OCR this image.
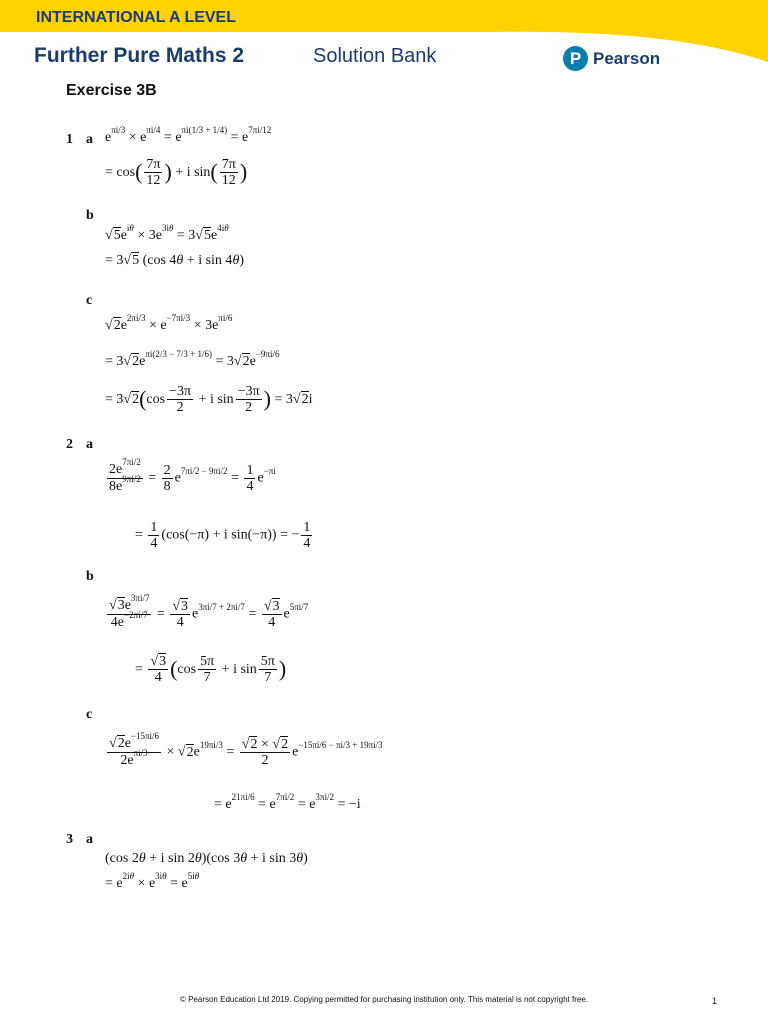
INTERNATIONAL A LEVEL
Further Pure Maths 2	Solution Bank	P Pearson
Exercise 3B
1 a $e^{\pi i/3} \times e^{\pi i/4} = e^{\pi i(1/3 + 1/4)} = e^{7\pi i/12}$
= $\cos( \frac{7\pi}{12}$ ) + i $\sin( \frac{7\pi}{12}$ )
b
$√5e^{i\theta} \times 3e^{3i\theta} = 3√5e^{4i\theta}$
= 3√5 (cos 4θ + i sin 4θ)
c
$√2e^{2\pi i/3} \times e^{-7\pi i/3} \times 3e^{\pi i/6}$
= $3√2e^{\pi i(2/3 - 7/3 + 1/6)} = 3√2e^{-9\pi i/6}$
= $3√2(\cos \frac{-3\pi}{2} + i$ $\sin \frac{-3\pi}{2}$ ) = 3√2i
2 a
$\frac{2e^{7\pi i/2}}{8e^{9\pi i/2}} = \frac{2}{8} e^{7\pi i/2 - 9\pi i/2} = \frac{1}{4} e^{-\pi i}$
= $\frac{1}{4} (\cos(-\pi) + i$ sin(−π)) = − $\frac{1}{4}$
b
$\frac{√3e^{3\pi i/7}}{4e^{-2\pi i/7}} = \frac{√3}{4} e^{3\pi i/7 + 2\pi i/7} = \frac{√3}{4} e^{5\pi i/7}$
= $\frac{√3}{4} (\cos \frac{5\pi}{7} + i$ $\sin \frac{5\pi}{7}$ )
c
$√2e^{-15\pi i/6}$
$2e^{\pi i/3}$	× $√2e^{19\pi i/3} = \frac{√2 \times √2}{2} e^{-15\pi i/6 - \pi i/3 + 19\pi i/3}$
= $e^{21\pi i/6} = e^{7\pi i/2} = e^{3\pi i/2} = -i$
3 a
(cos 2θ + i sin 2θ)(cos 3θ + i sin 3θ)
= $e^{2i\theta} \times e^{3i\theta} = e^{5i\theta}$
© Pearson Education Ltd 2019. Copying permitted for purchasing institution only. This material is not copyright free.	1
